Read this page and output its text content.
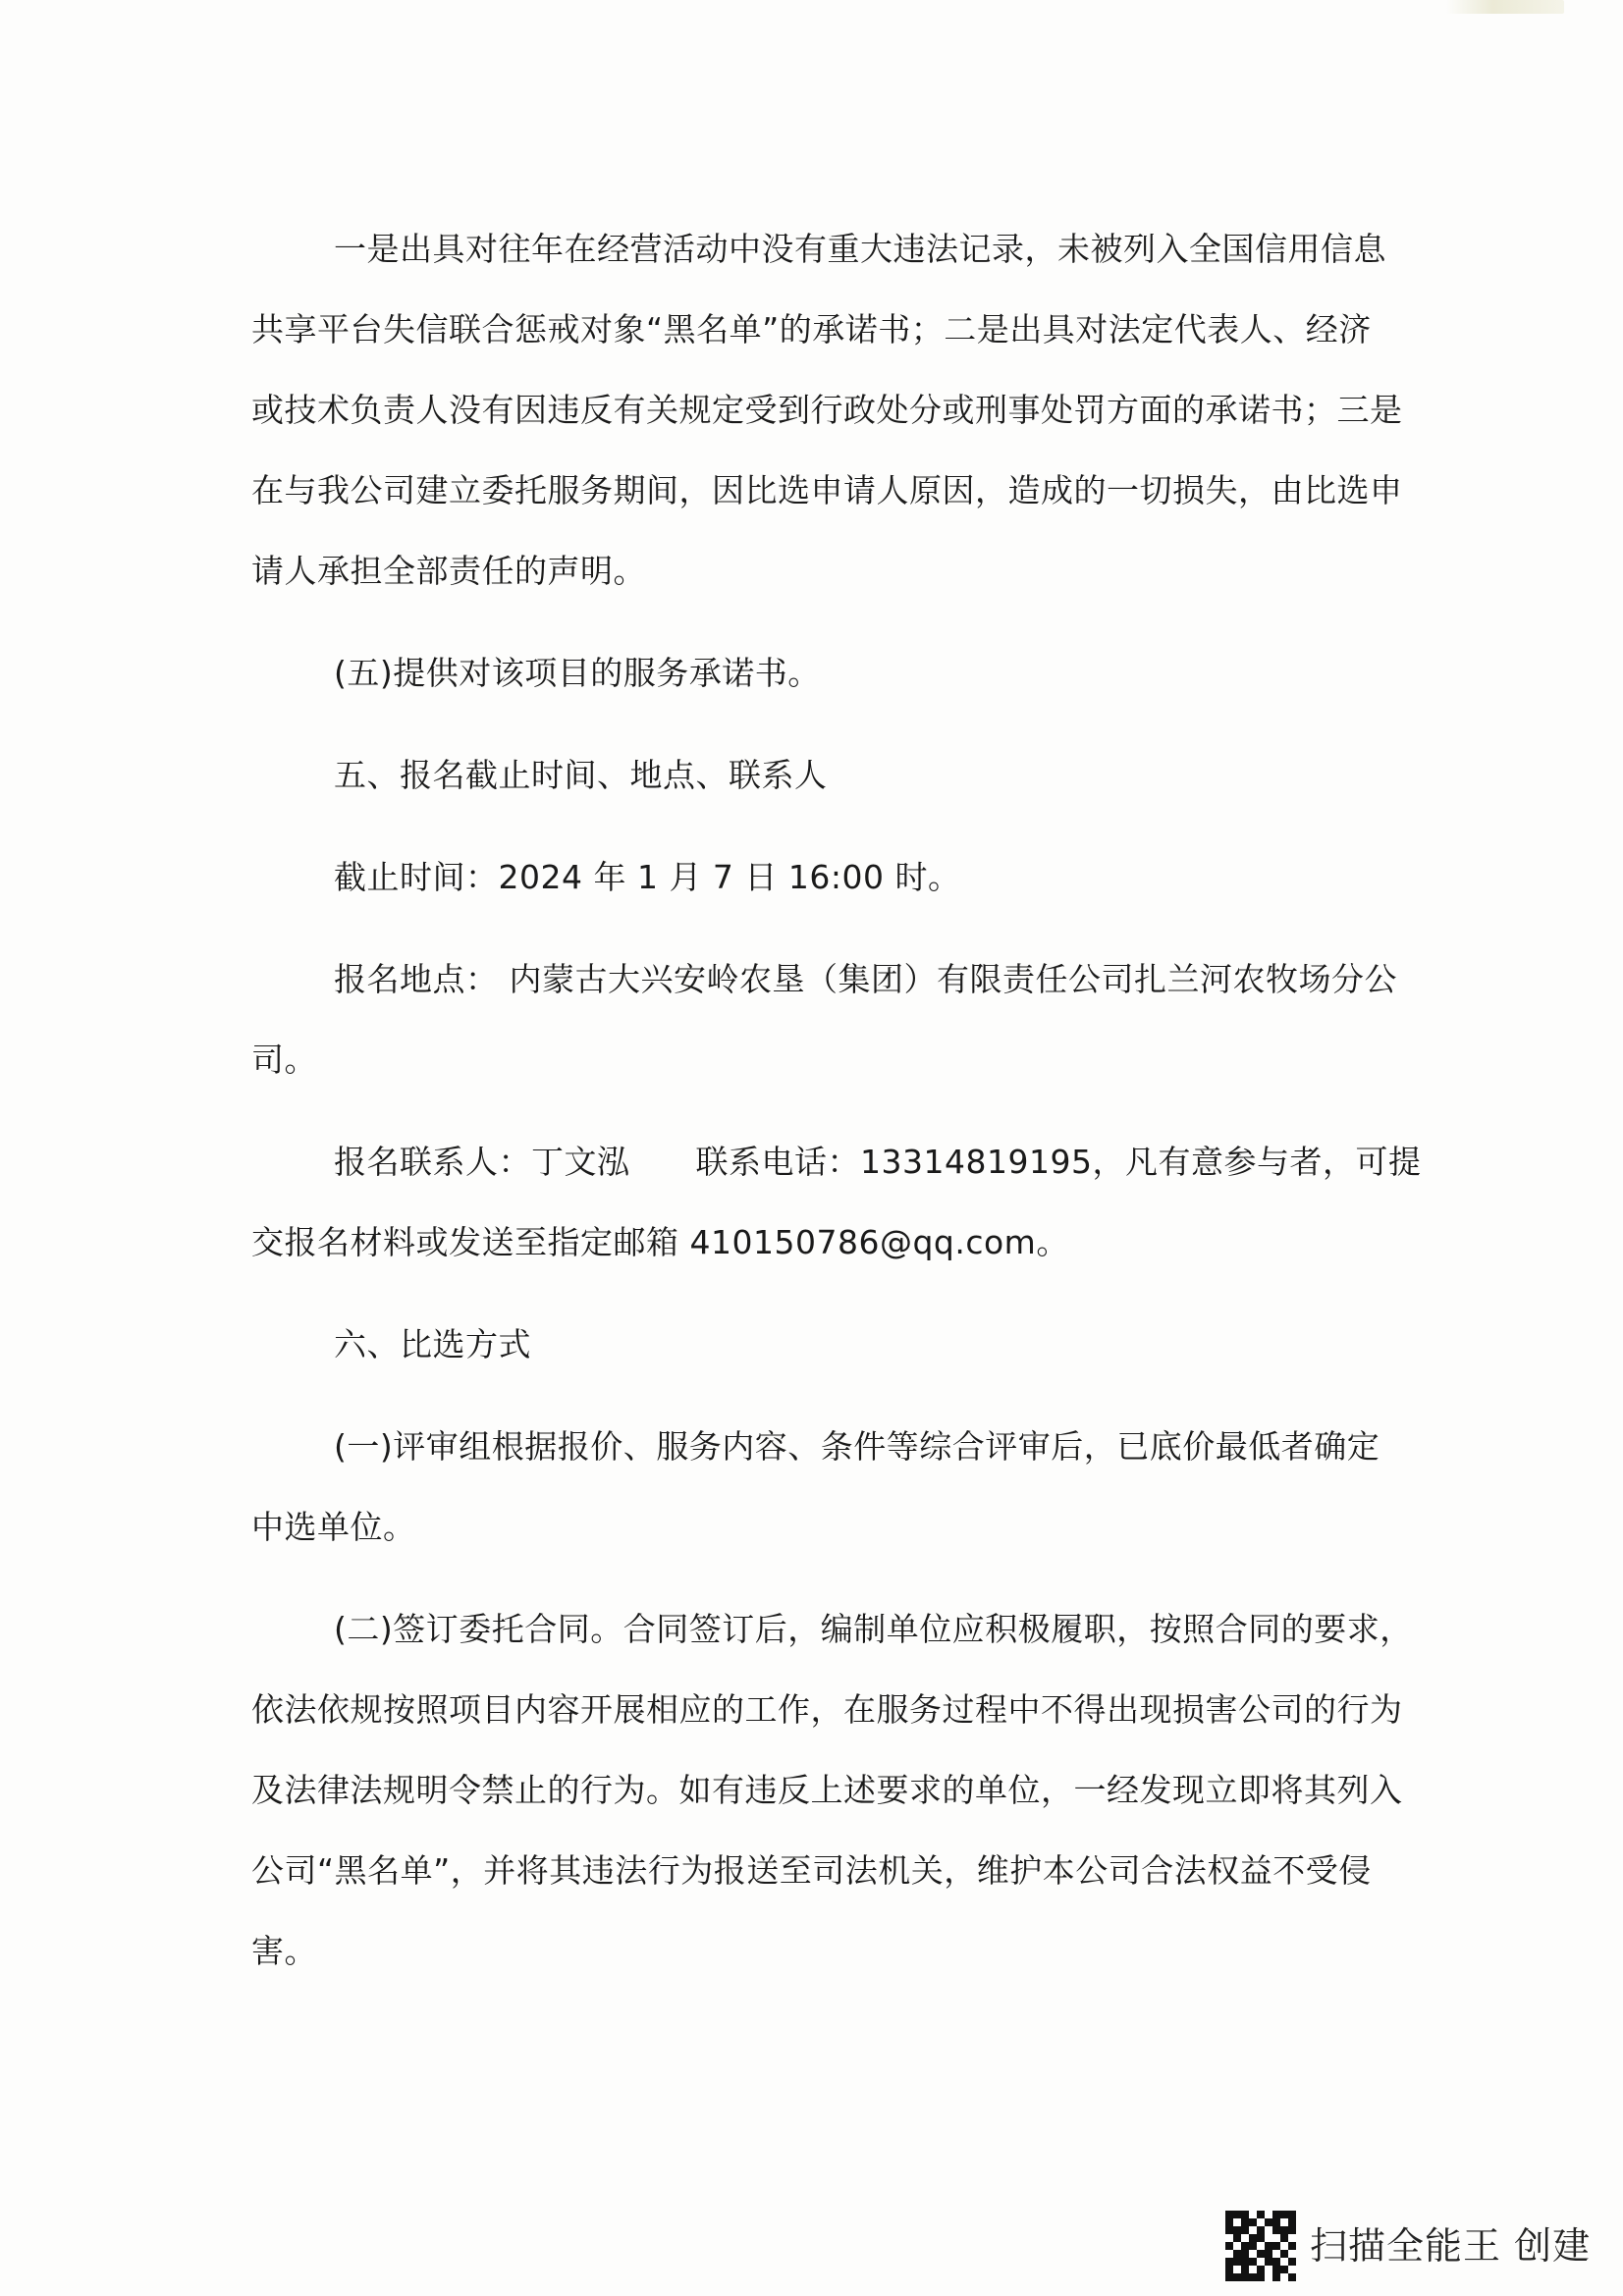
一是出具对往年在经营活动中没有重大违法记录，未被列入全国信用信息
共享平台失信联合惩戒对象“黑名单”的承诺书；二是出具对法定代表人、经济
或技术负责人没有因违反有关规定受到行政处分或刑事处罚方面的承诺书；三是
在与我公司建立委托服务期间，因比选申请人原因，造成的一切损失，由比选申
请人承担全部责任的声明。
(五)提供对该项目的服务承诺书。
五、报名截止时间、地点、联系人
截止时间：2024 年 1 月 7 日 16:00 时。
报名地点： 内蒙古大兴安岭农垦（集团）有限责任公司扎兰河农牧场分公
司。
报名联系人：丁文泓　　联系电话：13314819195，凡有意参与者，可提
交报名材料或发送至指定邮箱 410150786@qq.com。
六、比选方式
(一)评审组根据报价、服务内容、条件等综合评审后，已底价最低者确定
中选单位。
(二)签订委托合同。合同签订后，编制单位应积极履职，按照合同的要求，
依法依规按照项目内容开展相应的工作，在服务过程中不得出现损害公司的行为
及法律法规明令禁止的行为。如有违反上述要求的单位，一经发现立即将其列入
公司“黑名单”，并将其违法行为报送至司法机关，维护本公司合法权益不受侵
害。
扫描全能王 创建
